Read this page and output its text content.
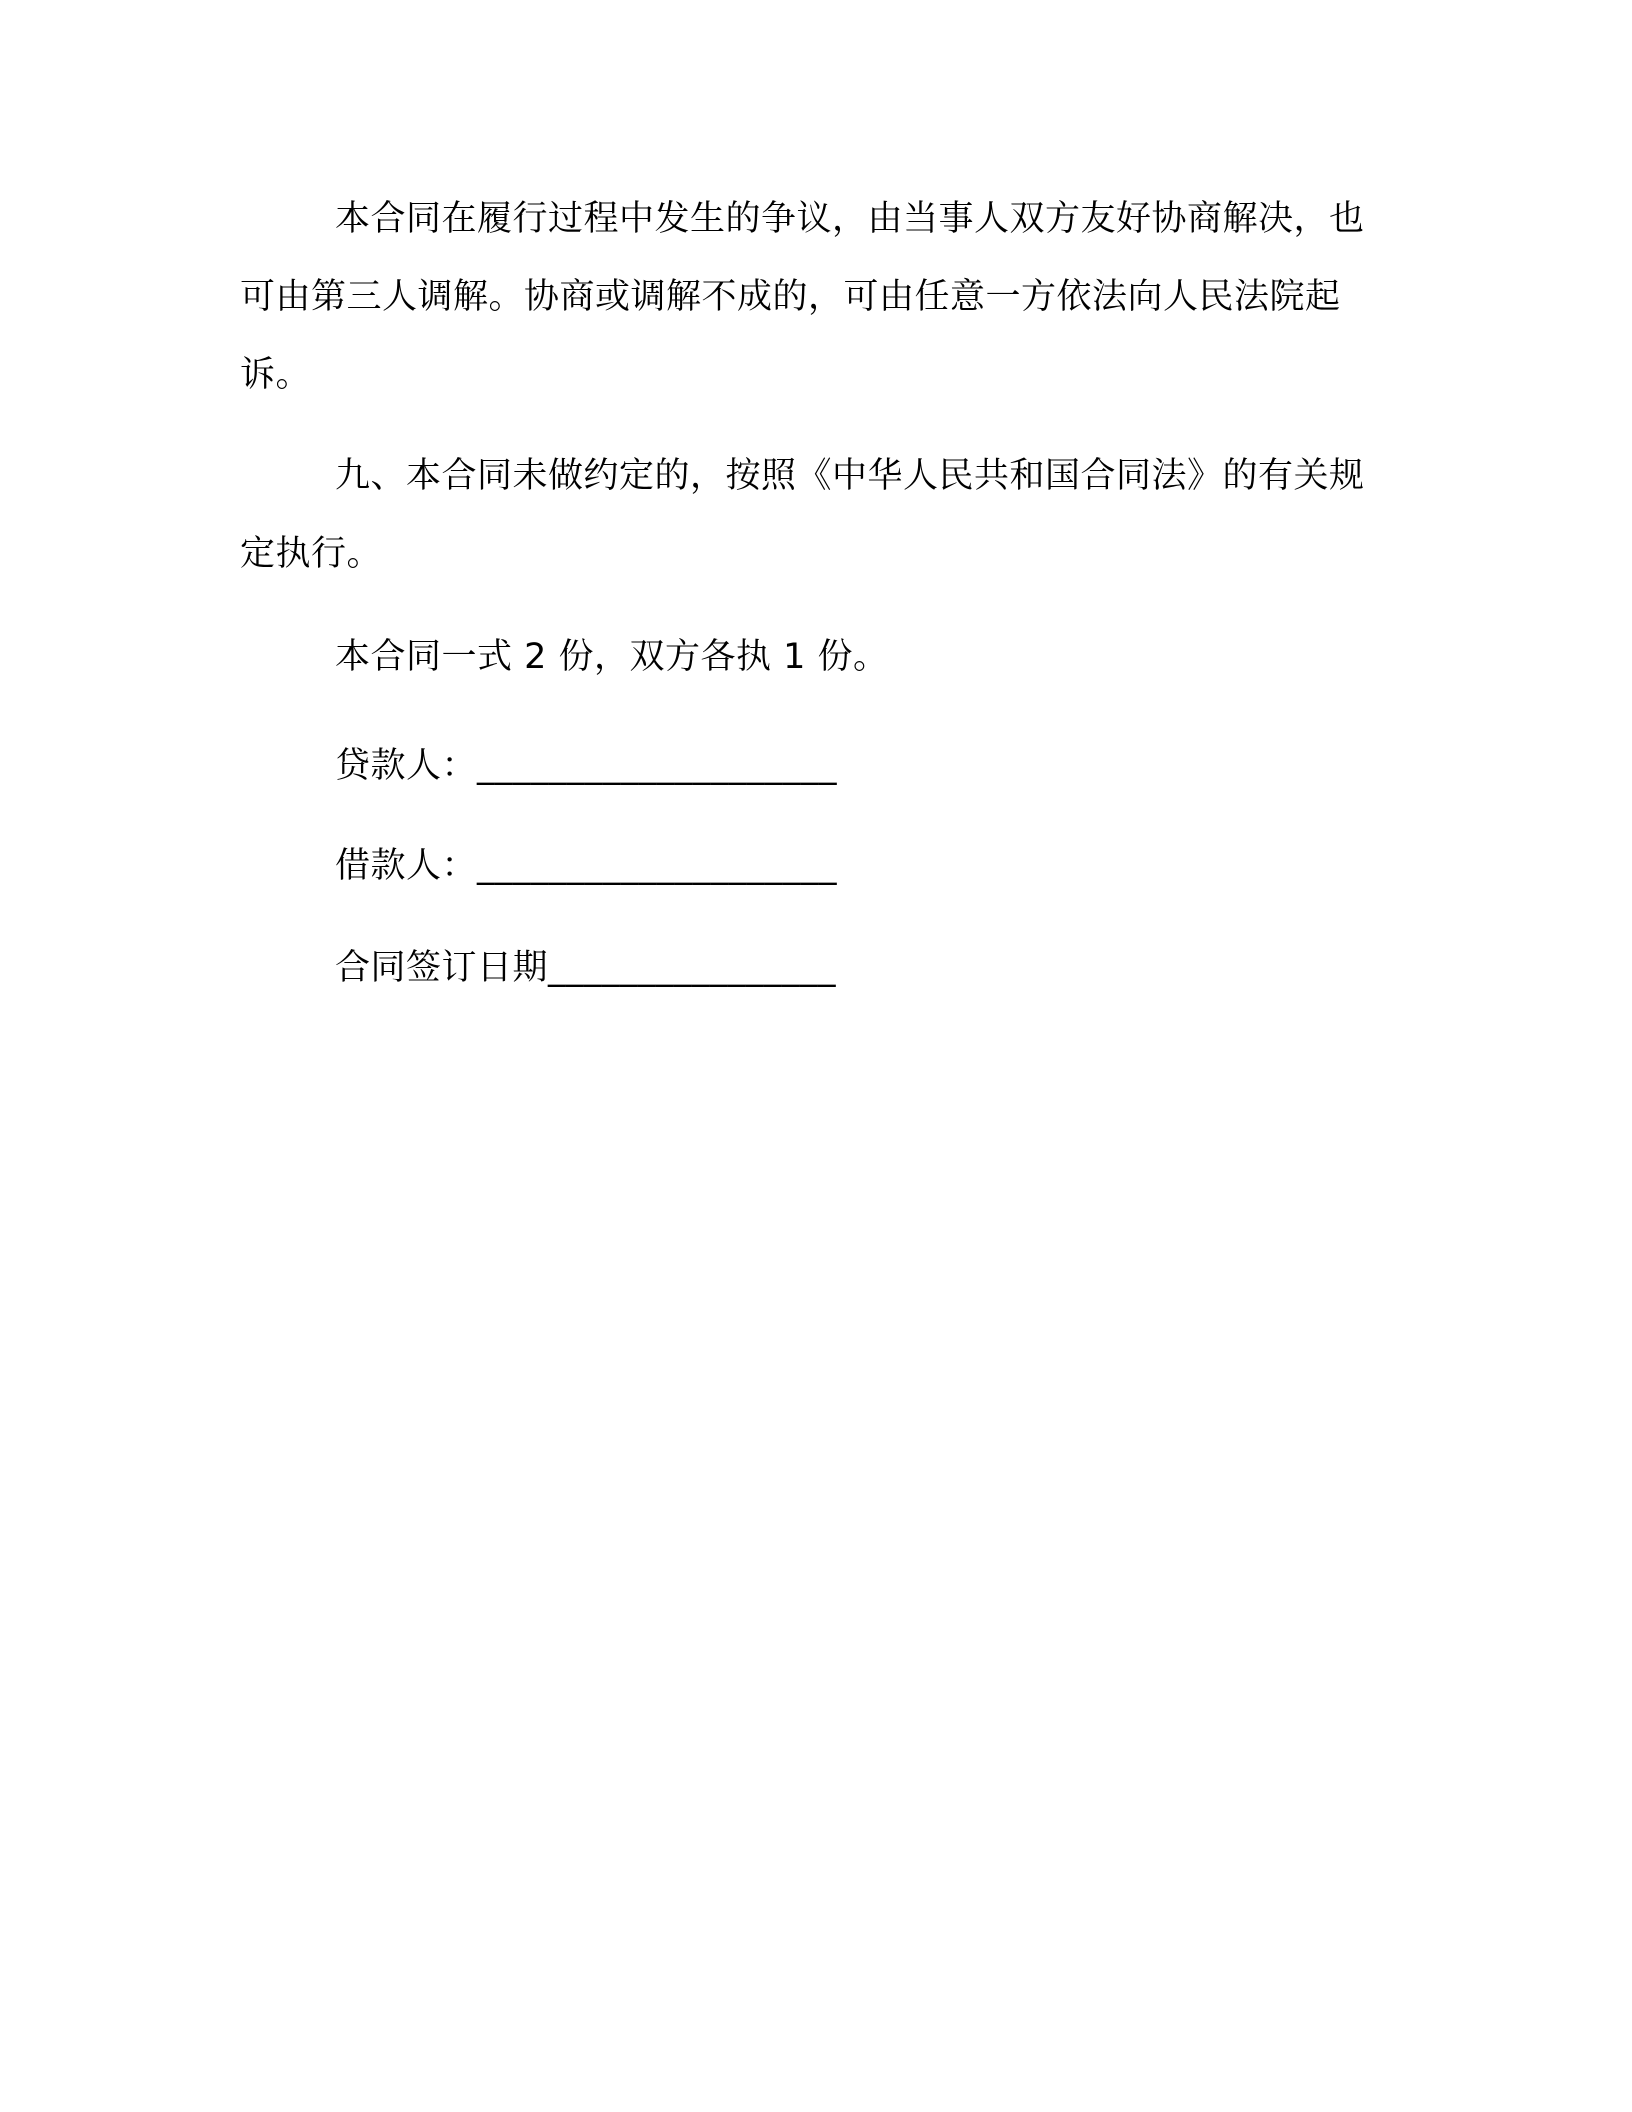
本合同在履行过程中发生的争议，由当事人双方友好协商解决，也可由第三人调解。协商或调解不成的，可由任意一方依法向人民法院起诉。

九、本合同未做约定的，按照《中华人民共和国合同法》的有关规定执行。

本合同一式 2 份，双方各执 1 份。

贷款人：____________________

借款人：____________________

合同签订日期________________
